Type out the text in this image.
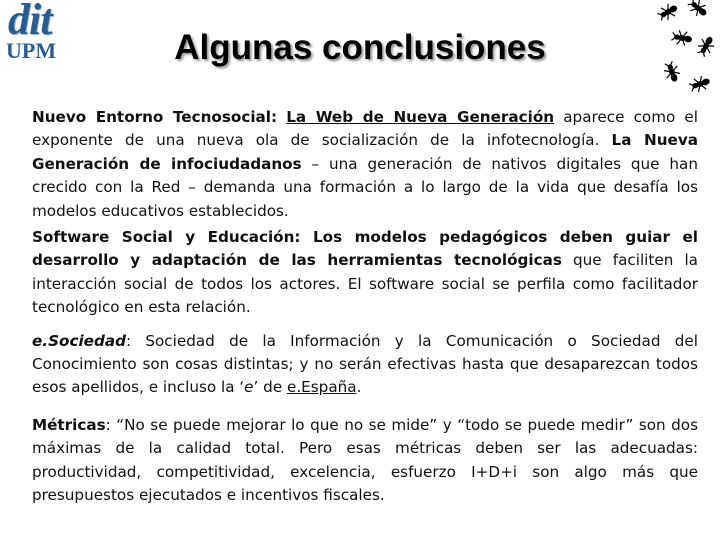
dit
UPM	Algunas conclusiones

Nuevo Entorno Tecnosocial: La Web de Nueva Generación aparece como el exponente de una nueva ola de socialización de la infotecnología. La Nueva Generación de infociudadanos – una generación de nativos digitales que han crecido con la Red – demanda una formación a lo largo de la vida que desafía los modelos educativos establecidos.

Software Social y Educación: Los modelos pedagógicos deben guiar el desarrollo y adaptación de las herramientas tecnológicas que faciliten la interacción social de todos los actores. El software social se perfila como facilitador tecnológico en esta relación.

e.Sociedad: Sociedad de la Información y la Comunicación o Sociedad del Conocimiento son cosas distintas; y no serán efectivas hasta que desaparezcan todos esos apellidos, e incluso la ‘e’ de e.España.

Métricas: “No se puede mejorar lo que no se mide” y “todo se puede medir” son dos máximas de la calidad total. Pero esas métricas deben ser las adecuadas: productividad, competitividad, excelencia, esfuerzo I+D+i son algo más que presupuestos ejecutados e incentivos fiscales.
